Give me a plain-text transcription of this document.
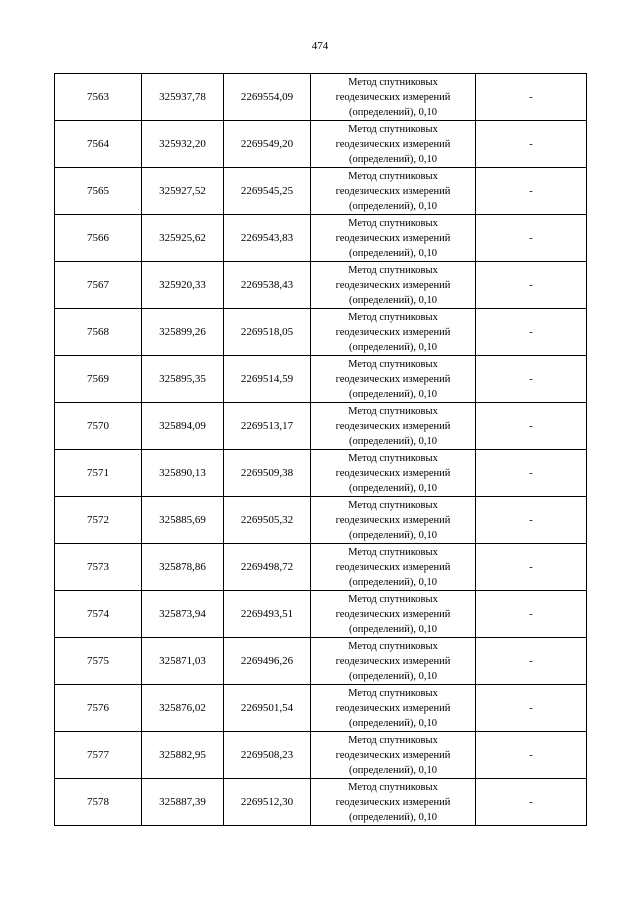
474
7563	325937,78	2269554,09	Метод спутниковых
геодезических измерений
(определений), 0,10	-
7564	325932,20	2269549,20	Метод спутниковых
геодезических измерений
(определений), 0,10	-
7565	325927,52	2269545,25	Метод спутниковых
геодезических измерений
(определений), 0,10	-
7566	325925,62	2269543,83	Метод спутниковых
геодезических измерений
(определений), 0,10	-
7567	325920,33	2269538,43	Метод спутниковых
геодезических измерений
(определений), 0,10	-
7568	325899,26	2269518,05	Метод спутниковых
геодезических измерений
(определений), 0,10	-
7569	325895,35	2269514,59	Метод спутниковых
геодезических измерений
(определений), 0,10	-
7570	325894,09	2269513,17	Метод спутниковых
геодезических измерений
(определений), 0,10	-
7571	325890,13	2269509,38	Метод спутниковых
геодезических измерений
(определений), 0,10	-
7572	325885,69	2269505,32	Метод спутниковых
геодезических измерений
(определений), 0,10	-
7573	325878,86	2269498,72	Метод спутниковых
геодезических измерений
(определений), 0,10	-
7574	325873,94	2269493,51	Метод спутниковых
геодезических измерений
(определений), 0,10	-
7575	325871,03	2269496,26	Метод спутниковых
геодезических измерений
(определений), 0,10	-
7576	325876,02	2269501,54	Метод спутниковых
геодезических измерений
(определений), 0,10	-
7577	325882,95	2269508,23	Метод спутниковых
геодезических измерений
(определений), 0,10	-
7578	325887,39	2269512,30	Метод спутниковых
геодезических измерений
(определений), 0,10	-
